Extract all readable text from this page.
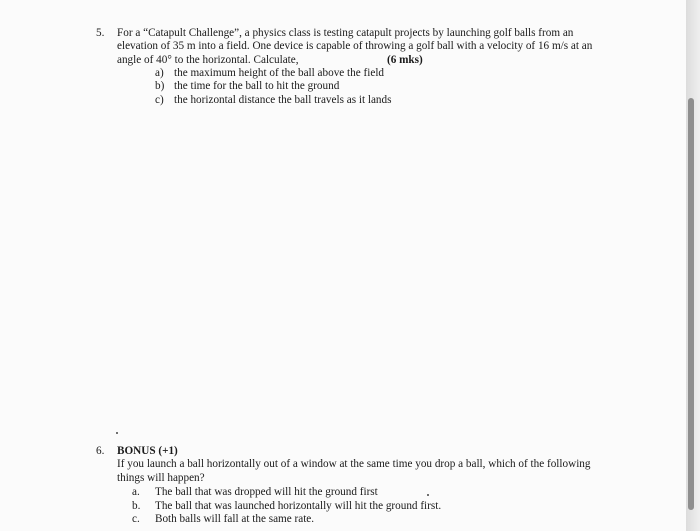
5. For a “Catapult Challenge”, a physics class is testing catapult projects by launching golf balls from an
elevation of 35 m into a field. One device is capable of throwing a golf ball with a velocity of 16 m/s at an
angle of 40° to the horizontal. Calculate,	(6 mks)
a) the maximum height of the ball above the field
b) the time for the ball to hit the ground
c) the horizontal distance the ball travels as it lands
6. BONUS (+1)
If you launch a ball horizontally out of a window at the same time you drop a ball, which of the following
things will happen?
a. The ball that was dropped will hit the ground first
b. The ball that was launched horizontally will hit the ground first.
c. Both balls will fall at the same rate.
